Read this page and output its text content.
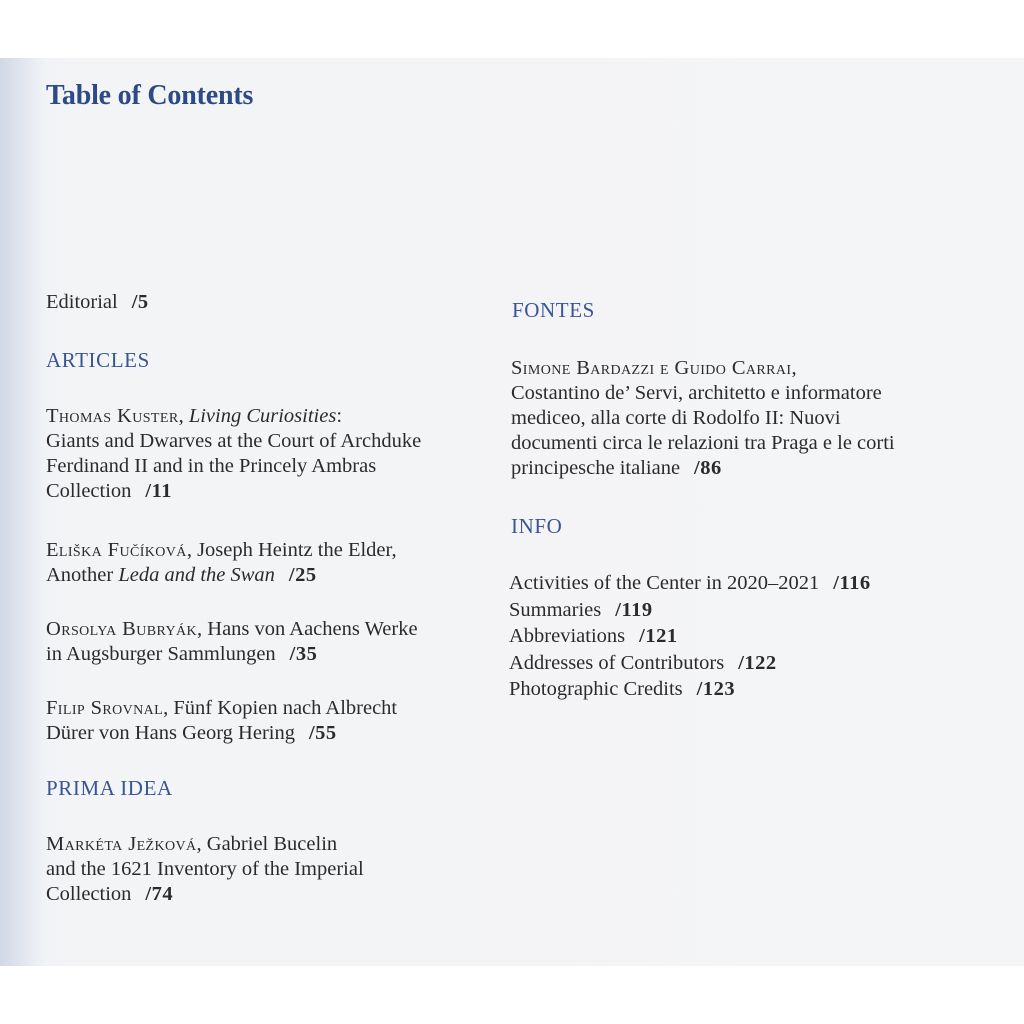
Table of Contents
Editorial /5
ARTICLES
Thomas Kuster, Living Curiosities:
Giants and Dwarves at the Court of Archduke
Ferdinand II and in the Princely Ambras
Collection /11
Eliška Fučíková, Joseph Heintz the Elder,
Another Leda and the Swan /25
Orsolya Bubryák, Hans von Aachens Werke
in Augsburger Sammlungen /35
Filip Srovnal, Fünf Kopien nach Albrecht
Dürer von Hans Georg Hering /55
PRIMA IDEA
Markéta Ježková, Gabriel Bucelin
and the 1621 Inventory of the Imperial
Collection /74
FONTES
Simone Bardazzi e Guido Carrai,
Costantino de’ Servi, architetto e informatore
mediceo, alla corte di Rodolfo II: Nuovi
documenti circa le relazioni tra Praga e le corti
principesche italiane /86
INFO
Activities of the Center in 2020–2021 /116
Summaries /119
Abbreviations /121
Addresses of Contributors /122
Photographic Credits /123
